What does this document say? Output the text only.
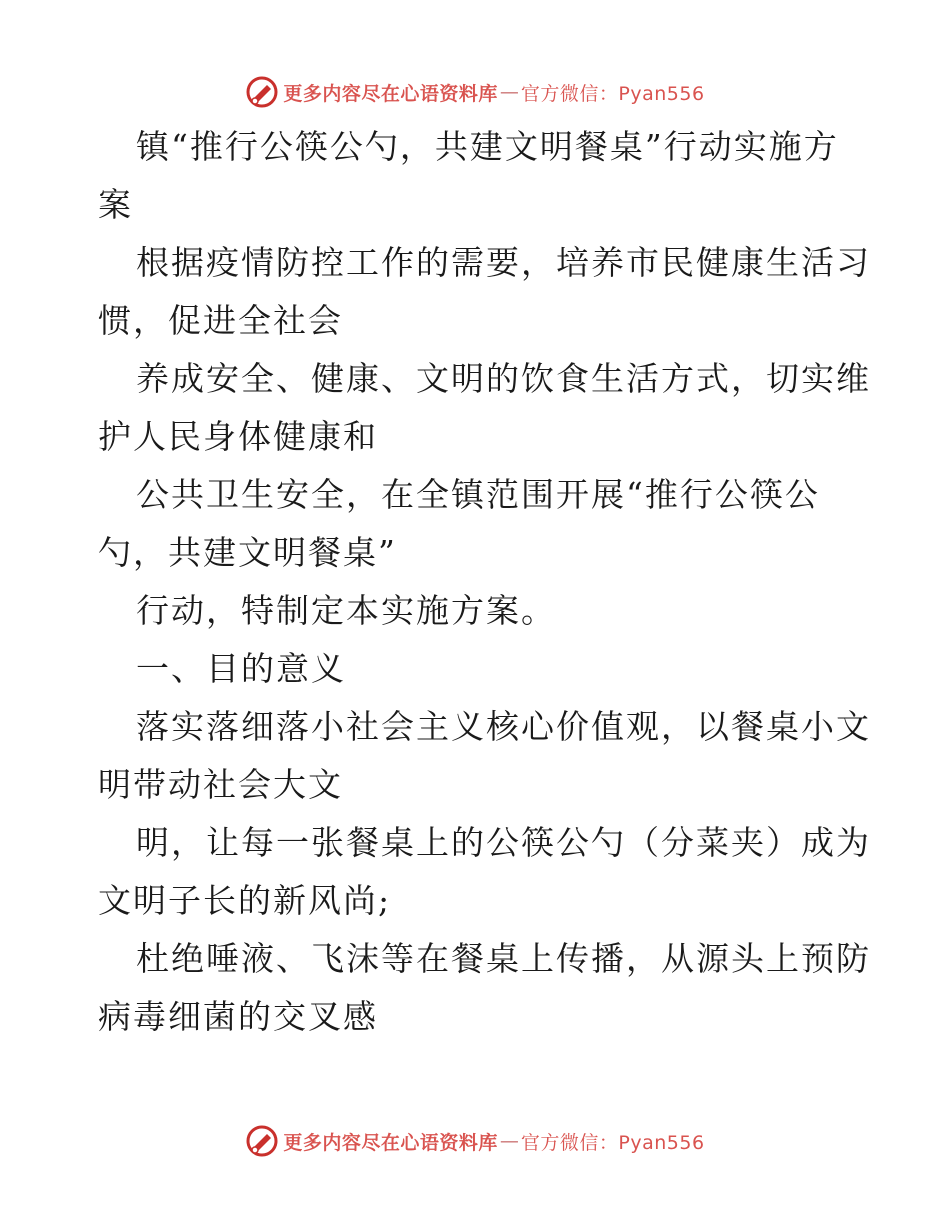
更多内容尽在心语资料库 — 官方微信：Pyan556
镇“推行公筷公勺，共建文明餐桌”行动实施方
案
根据疫情防控工作的需要，培养市民健康生活习
惯，促进全社会
养成安全、健康、文明的饮食生活方式，切实维
护人民身体健康和
公共卫生安全，在全镇范围开展“推行公筷公
勺，共建文明餐桌”
行动，特制定本实施方案。
一、目的意义
落实落细落小社会主义核心价值观，以餐桌小文
明带动社会大文
明，让每一张餐桌上的公筷公勺（分菜夹）成为
文明子长的新风尚;
杜绝唾液、飞沫等在餐桌上传播，从源头上预防
病毒细菌的交叉感
更多内容尽在心语资料库 — 官方微信：Pyan556
